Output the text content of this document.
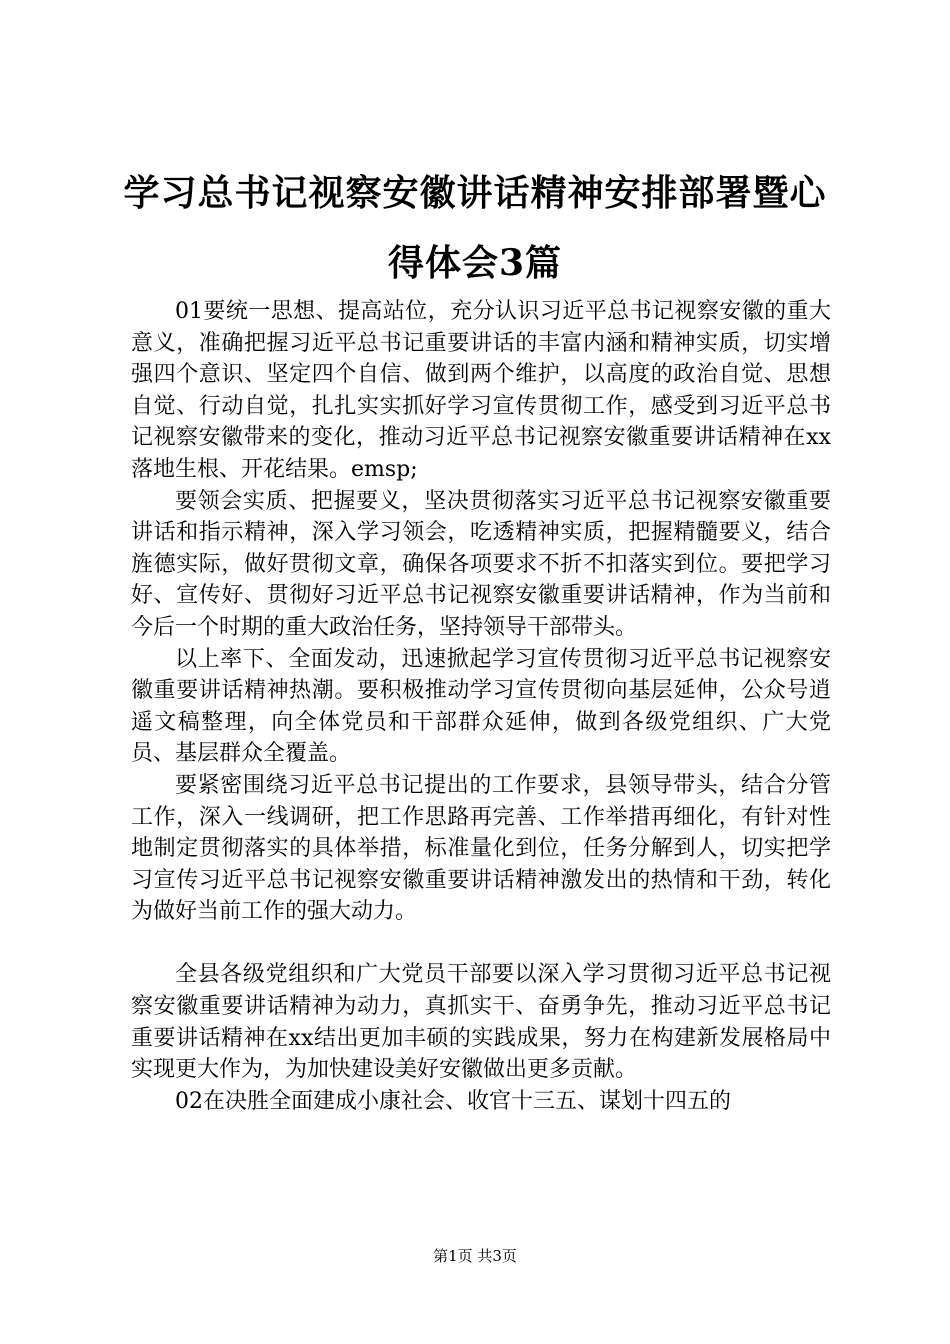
学习总书记视察安徽讲话精神安排部署暨心得体会3篇

01要统一思想、提高站位，充分认识习近平总书记视察安徽的重大意义，准确把握习近平总书记重要讲话的丰富内涵和精神实质，切实增强四个意识、坚定四个自信、做到两个维护，以高度的政治自觉、思想自觉、行动自觉，扎扎实实抓好学习宣传贯彻工作，感受到习近平总书记视察安徽带来的变化，推动习近平总书记视察安徽重要讲话精神在xx落地生根、开花结果。emsp;

要领会实质、把握要义，坚决贯彻落实习近平总书记视察安徽重要讲话和指示精神，深入学习领会，吃透精神实质，把握精髓要义，结合旌德实际，做好贯彻文章，确保各项要求不折不扣落实到位。要把学习好、宣传好、贯彻好习近平总书记视察安徽重要讲话精神，作为当前和今后一个时期的重大政治任务，坚持领导干部带头。

以上率下、全面发动，迅速掀起学习宣传贯彻习近平总书记视察安徽重要讲话精神热潮。要积极推动学习宣传贯彻向基层延伸，公众号逍遥文稿整理，向全体党员和干部群众延伸，做到各级党组织、广大党员、基层群众全覆盖。

要紧密围绕习近平总书记提出的工作要求，县领导带头，结合分管工作，深入一线调研，把工作思路再完善、工作举措再细化，有针对性地制定贯彻落实的具体举措，标准量化到位，任务分解到人，切实把学习宣传习近平总书记视察安徽重要讲话精神激发出的热情和干劲，转化为做好当前工作的强大动力。

全县各级党组织和广大党员干部要以深入学习贯彻习近平总书记视察安徽重要讲话精神为动力，真抓实干、奋勇争先，推动习近平总书记重要讲话精神在xx结出更加丰硕的实践成果，努力在构建新发展格局中实现更大作为，为加快建设美好安徽做出更多贡献。

02在决胜全面建成小康社会、收官十三五、谋划十四五的

第1页 共3页
